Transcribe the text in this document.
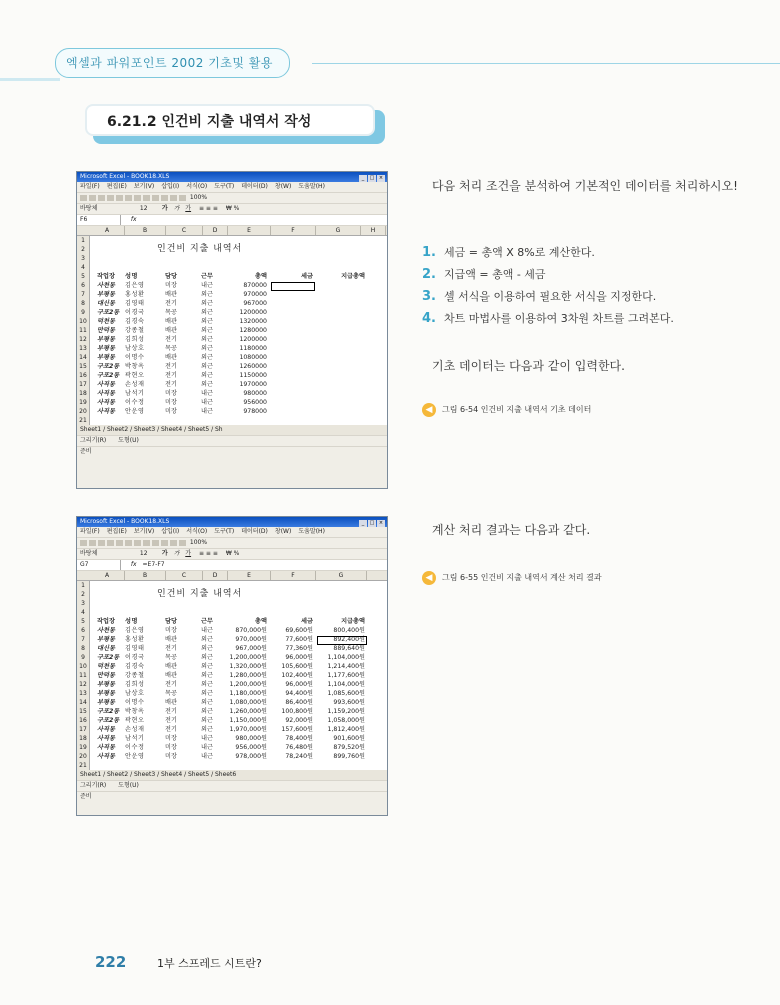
엑셀과 파워포인트 2002 기초및 활용
6.21.2 인건비 지출 내역서 작성
Microsoft Excel - BOOK18.XLS	_ □ ×
파일(F) 편집(E) 보기(V) 삽입(I) 서식(O) 도구(T) 데이터(D) 창(W) 도움말(H)
100%
바탕체	12 가 가 가 ≡ ≡ ≡ ₩ %
F6	fx
A	B	C	D	E	F	G	H
1
2	인건비 지출 내역서
3
4
5	작업장 성명	담당	근무	총액	세금	지급총액
6	사천동 김은영	미장	내근	870000
7	부평동 홍성환	배관	외근	970000
8	대신동 김영태	전기	외근	967000
9	구포2동 이경국	목공	외근	1200000
10	덕천동 김경숙	배관	외근	1320000
11	만덕동 강종철	배관	외근	1280000
12	부평동 김희성	전기	외근	1200000
13	부평동 남상호	목공	외근	1180000
14	부평동 이명수	배관	외근	1080000
15	구포2동 박창옥	전기	외근	1260000
16	구포2동 곽현오	전기	외근	1150000
17	사직동 손성재	전기	외근	1970000
18	사직동 남석기	미장	내근	980000
19	사직동 이수정	미장	내근	956000
20	사직동 안운영	미장	내근	978000
21
Sheet1 / Sheet2 / Sheet3 / Sheet4 / Sheet5 / Sh
그리기(R) 도형(U)
준비
Microsoft Excel - BOOK18.XLS	_ □ ×
파일(F) 편집(E) 보기(V) 삽입(I) 서식(O) 도구(T) 데이터(D) 창(W) 도움말(H)
100%
바탕체	12 가 가 가 ≡ ≡ ≡ ₩ %
G7	fx =E7-F7
A	B	C	D	E	F	G
1
2	인건비 지출 내역서
3
4
5	작업장 성명	담당	근무	총액	세금	지급총액
6	사천동 김은영	미장	내근	870,000원	69,600원	800,400원
7	부평동 홍성환	배관	외근	970,000원	77,600원	892,400원
8	대신동 김영태	전기	외근	967,000원	77,360원	889,640원
9	구포2동 이경국	목공	외근	1,200,000원	96,000원	1,104,000원
10	덕천동 김경숙	배관	외근	1,320,000원	105,600원	1,214,400원
11	만덕동 강종철	배관	외근	1,280,000원	102,400원	1,177,600원
12	부평동 김희성	전기	외근	1,200,000원	96,000원	1,104,000원
13	부평동 남상호	목공	외근	1,180,000원	94,400원	1,085,600원
14	부평동 이명수	배관	외근	1,080,000원	86,400원	993,600원
15	구포2동 박창옥	전기	외근	1,260,000원	100,800원	1,159,200원
16	구포2동 곽현오	전기	외근	1,150,000원	92,000원	1,058,000원
17	사직동 손성재	전기	외근	1,970,000원	157,600원	1,812,400원
18	사직동 남석기	미장	내근	980,000원	78,400원	901,600원
19	사직동 이수정	미장	내근	956,000원	76,480원	879,520원
20	사직동 안운영	미장	내근	978,000원	78,240원	899,760원
21
Sheet1 / Sheet2 / Sheet3 / Sheet4 / Sheet5 / Sheet6
그리기(R) 도형(U)
준비
다음 처리 조건을 분석하여 기본적인 데이터를 처리하시오!
1. 세금 = 총액 X 8%로 계산한다.
2. 지급액 = 총액 - 세금
3. 셀 서식을 이용하여 필요한 서식을 지정한다.
4. 차트 마법사를 이용하여 3차원 차트를 그려본다.
기초 데이터는 다음과 같이 입력한다.
◀ 그림 6-54 인건비 지출 내역서 기초 데이터
계산 처리 결과는 다음과 같다.
◀ 그림 6-55 인건비 지출 내역서 계산 처리 결과
222	1부 스프레드 시트란?
